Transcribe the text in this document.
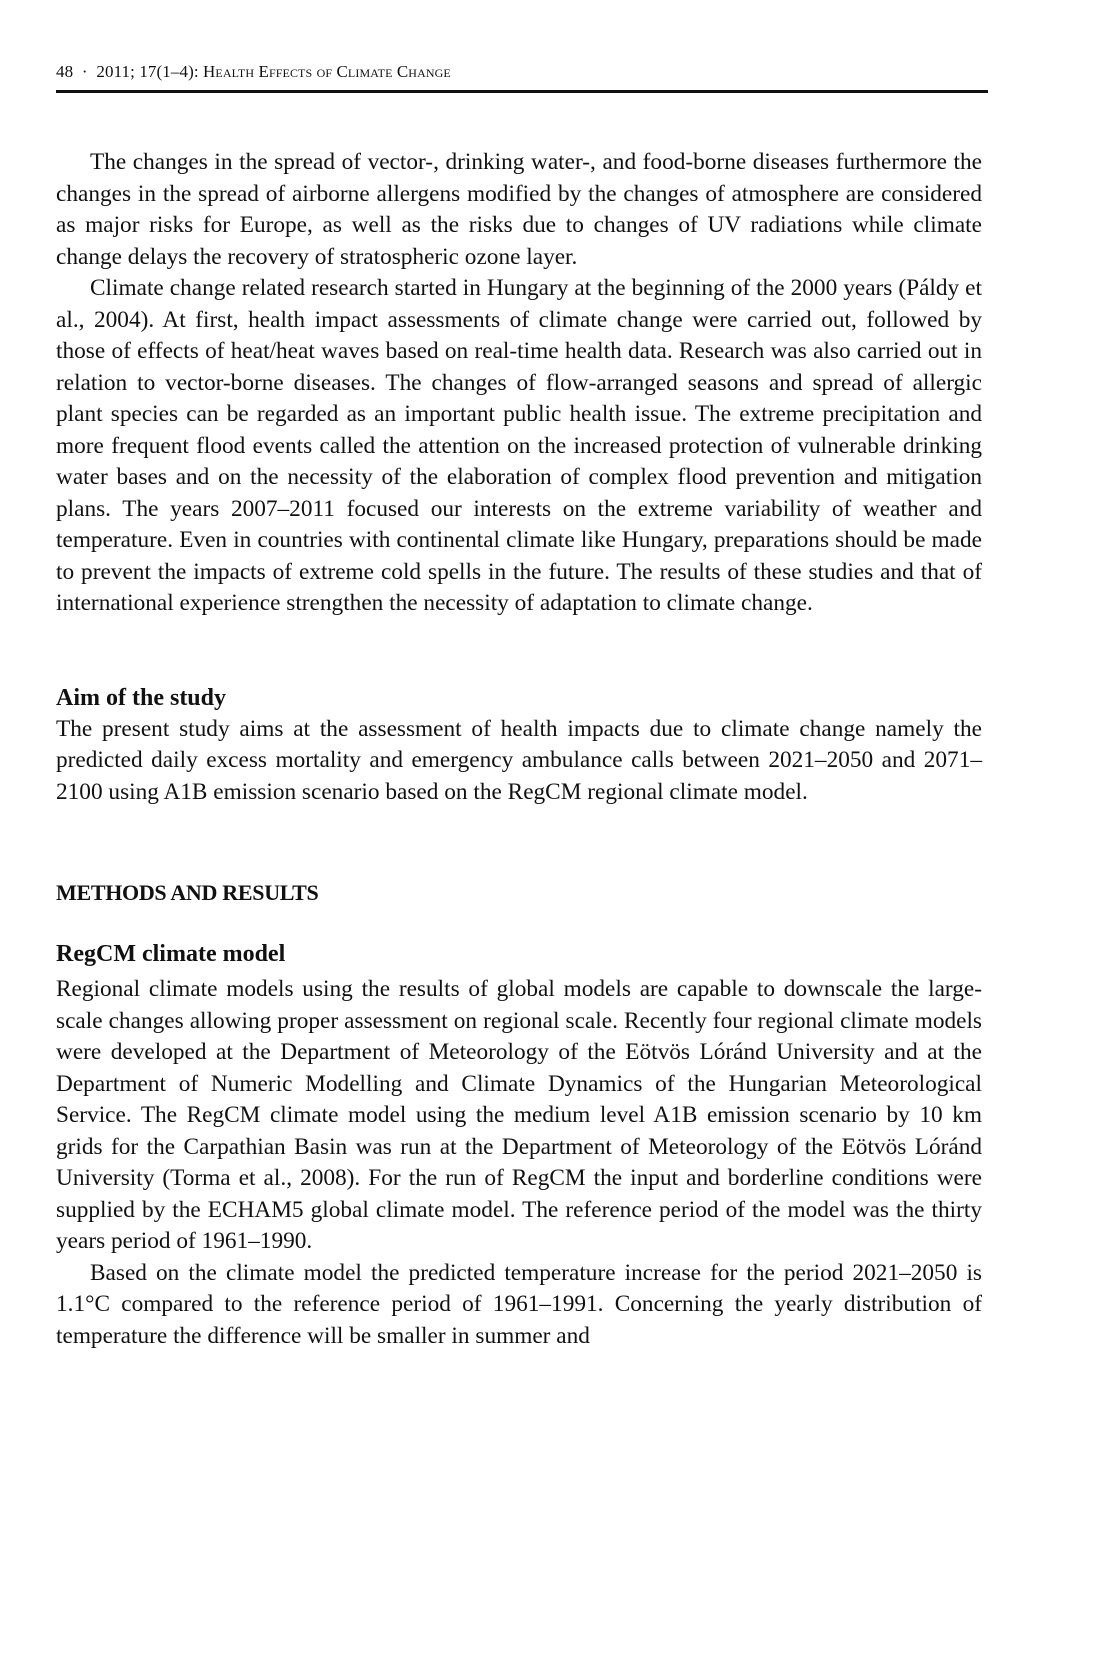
48 · 2011; 17(1–4): Health Effects of Climate Change

The changes in the spread of vector-, drinking water-, and food-borne diseases furthermore the changes in the spread of airborne allergens modified by the changes of atmosphere are considered as major risks for Europe, as well as the risks due to changes of UV radiations while climate change delays the recovery of stratospheric ozone layer.

Climate change related research started in Hungary at the beginning of the 2000 years (Páldy et al., 2004). At first, health impact assessments of climate change were carried out, followed by those of effects of heat/heat waves based on real-time health data. Research was also carried out in relation to vector-borne diseases. The changes of flow-arranged seasons and spread of allergic plant species can be regarded as an important public health issue. The extreme precipitation and more frequent flood events called the attention on the increased protection of vulnerable drinking water bases and on the necessity of the elaboration of complex flood prevention and mitigation plans. The years 2007–2011 focused our interests on the extreme variability of weather and temperature. Even in countries with continental climate like Hungary, preparations should be made to prevent the impacts of extreme cold spells in the future. The results of these studies and that of international experience strengthen the necessity of adaptation to climate change.

Aim of the study

The present study aims at the assessment of health impacts due to climate change namely the predicted daily excess mortality and emergency ambulance calls between 2021–2050 and 2071–2100 using A1B emission scenario based on the RegCM regional climate model.

METHODS AND RESULTS
RegCM climate model

Regional climate models using the results of global models are capable to downscale the large-scale changes allowing proper assessment on regional scale. Recently four regional climate models were developed at the Department of Meteorology of the Eötvös Lóránd University and at the Department of Numeric Modelling and Climate Dynamics of the Hungarian Meteorological Service. The RegCM climate model using the medium level A1B emission scenario by 10 km grids for the Carpathian Basin was run at the Department of Meteorology of the Eötvös Lóránd University (Torma et al., 2008). For the run of RegCM the input and borderline conditions were supplied by the ECHAM5 global climate model. The reference period of the model was the thirty years period of 1961–1990.

Based on the climate model the predicted temperature increase for the period 2021–2050 is 1.1°C compared to the reference period of 1961–1991. Concerning the yearly distribution of temperature the difference will be smaller in summer and
